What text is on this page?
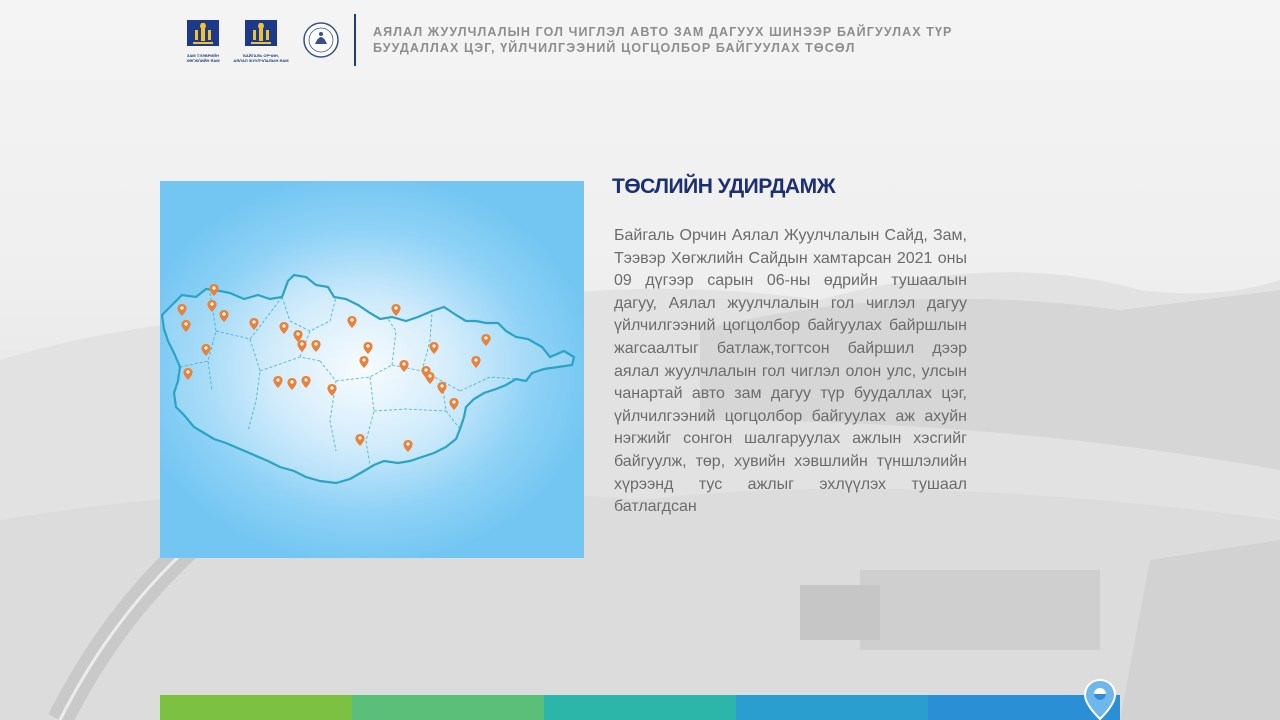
ЗАМ ТЭЭВРИЙН
ХӨГЖЛИЙН ЯАМ
БАЙГАЛЬ ОРЧИН,
АЯЛАЛ ЖУУЛЧЛАЛЫН ЯАМ
АЯЛАЛ ЖУУЛЧЛАЛЫН ГОЛ ЧИГЛЭЛ АВТО ЗАМ ДАГУУХ ШИНЭЭР БАЙГУУЛАХ ТҮР БУУДАЛЛАХ ЦЭГ, ҮЙЛЧИЛГЭЭНИЙ ЦОГЦОЛБОР БАЙГУУЛАХ ТӨСӨЛ
ТӨСЛИЙН УДИРДАМЖ
Байгаль Орчин Аялал Жуулчлалын Сайд, Зам, Тээвэр Хөгжлийн Сайдын хамтарсан 2021 оны 09 дүгээр сарын 06-ны өдрийн тушаалын дагуу, Аялал жуулчлалын гол чиглэл дагуу үйлчилгээний цогцолбор байгуулах байршлын жагсаалтыг батлаж,тогтсон байршил дээр аялал жуулчлалын гол чиглэл олон улс, улсын чанартай авто зам дагуу түр буудаллах цэг, үйлчилгээний цогцолбор байгуулах аж ахуйн нэгжийг сонгон шалгаруулах ажлын хэсгийг байгуулж, төр, хувийн хэвшлийн түншлэлийн хүрээнд тус ажлыг эхлүүлэх тушаал батлагдсан
